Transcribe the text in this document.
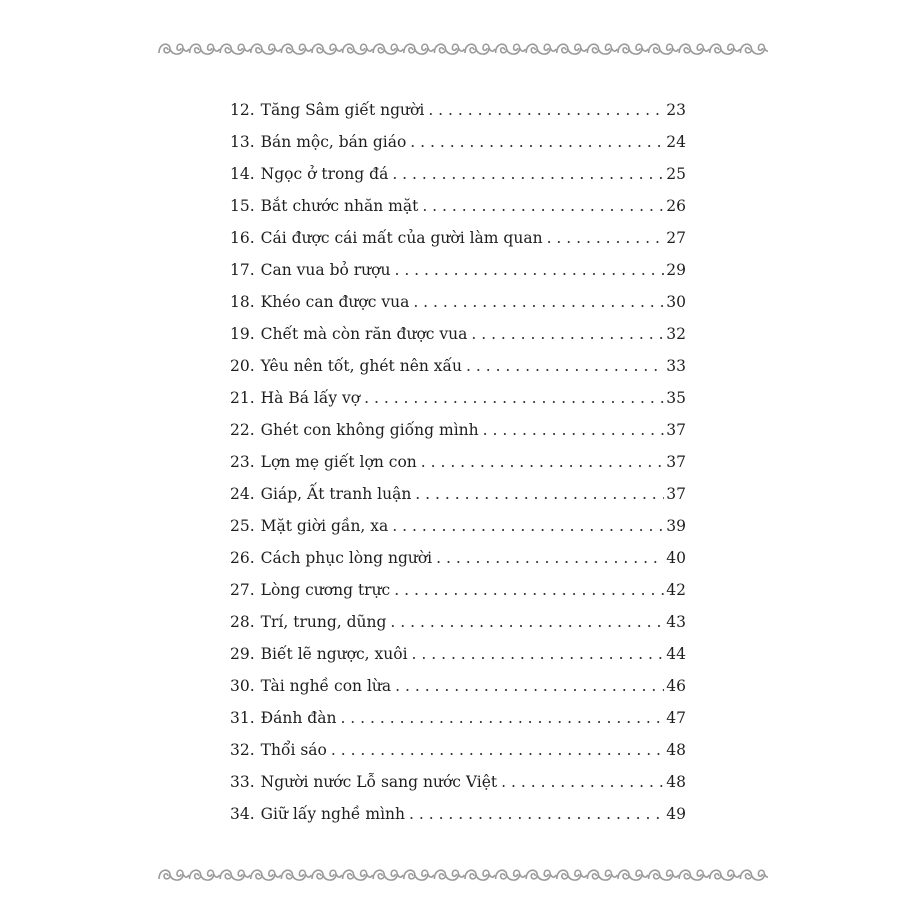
12. Tăng Sâm giết người . . .	23
13. Bán mộc, bán giáo . . .	24
14. Ngọc ở trong đá . . .	25
15. Bắt chước nhăn mặt . . .	26
16. Cái được cái mất của gười làm quan . . .	27
17. Can vua bỏ rượu . . .	29
18. Khéo can được vua . . .	30
19. Chết mà còn răn được vua . . .	32
20. Yêu nên tốt, ghét nên xấu . . .	33
21. Hà Bá lấy vợ . . .	35
22. Ghét con không giống mình . . .	37
23. Lợn mẹ giết lợn con . . .	37
24. Giáp, Ất tranh luận . . .	37
25. Mặt giời gần, xa . . .	39
26. Cách phục lòng người . . .	40
27. Lòng cương trực . . .	42
28. Trí, trung, dũng . . .	43
29. Biết lẽ ngược, xuôi . . .	44
30. Tài nghề con lừa . . .	46
31. Đánh đàn . . .	47
32. Thổi sáo . . .	48
33. Người nước Lỗ sang nước Việt . . .	48
34. Giữ lấy nghề mình . . .	49
